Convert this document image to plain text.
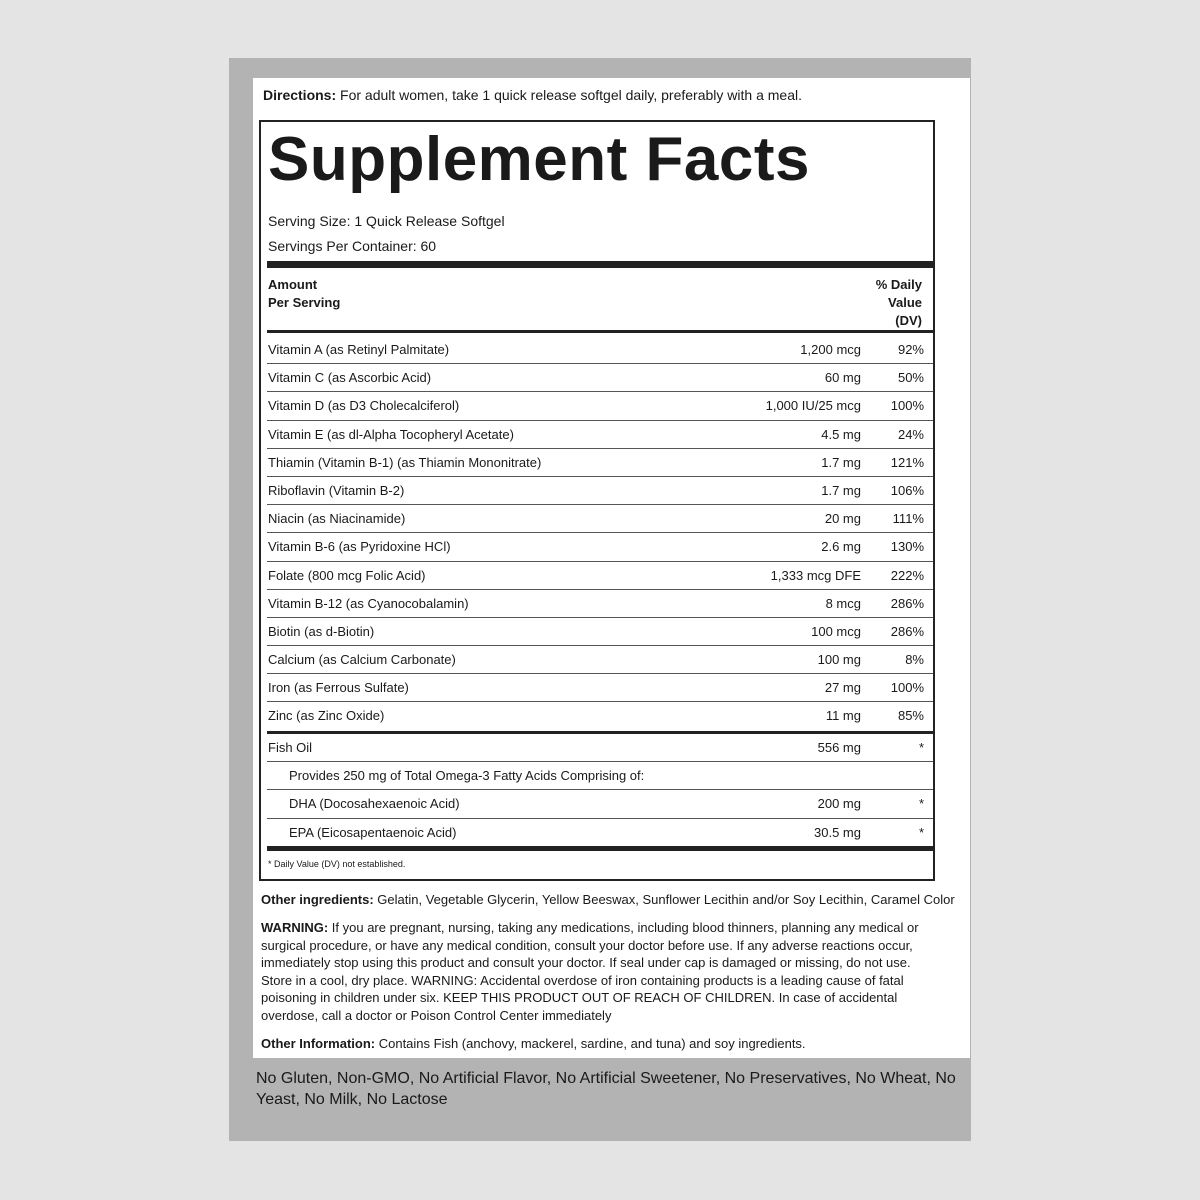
Directions: For adult women, take 1 quick release softgel daily, preferably with a meal.
Supplement Facts
Serving Size: 1 Quick Release Softgel
Servings Per Container: 60
Amount
Per Serving
% Daily
Value
(DV)
Vitamin A (as Retinyl Palmitate)	1,200 mcg	92%
Vitamin C (as Ascorbic Acid)	60 mg	50%
Vitamin D (as D3 Cholecalciferol)	1,000 IU/25 mcg 100%
Vitamin E (as dl-Alpha Tocopheryl Acetate)	4.5 mg	24%
Thiamin (Vitamin B-1) (as Thiamin Mononitrate)	1.7 mg 121%
Riboflavin (Vitamin B-2)	1.7 mg 106%
Niacin (as Niacinamide)	20 mg 111%
Vitamin B-6 (as Pyridoxine HCl)	2.6 mg 130%
Folate (800 mcg Folic Acid)	1,333 mcg DFE 222%
Vitamin B-12 (as Cyanocobalamin)	8 mcg 286%
Biotin (as d-Biotin)	100 mcg 286%
Calcium (as Calcium Carbonate)	100 mg	8%
Iron (as Ferrous Sulfate)	27 mg 100%
Zinc (as Zinc Oxide)	11 mg	85%
Fish Oil	556 mg	*
Provides 250 mg of Total Omega-3 Fatty Acids Comprising of:
DHA (Docosahexaenoic Acid)	200 mg	*
EPA (Eicosapentaenoic Acid)	30.5 mg	*
* Daily Value (DV) not established.
Other ingredients: Gelatin, Vegetable Glycerin, Yellow Beeswax, Sunflower Lecithin and/or Soy Lecithin, Caramel Color
WARNING: If you are pregnant, nursing, taking any medications, including blood thinners, planning any medical or surgical procedure, or have any medical condition, consult your doctor before use. If any adverse reactions occur, immediately stop using this product and consult your doctor. If seal under cap is damaged or missing, do not use. Store in a cool, dry place. WARNING: Accidental overdose of iron containing products is a leading cause of fatal poisoning in children under six. KEEP THIS PRODUCT OUT OF REACH OF CHILDREN. In case of accidental overdose, call a doctor or Poison Control Center immediately
Other Information: Contains Fish (anchovy, mackerel, sardine, and tuna) and soy ingredients.
No Gluten, Non-GMO, No Artificial Flavor, No Artificial Sweetener, No Preservatives, No Wheat, No Yeast, No Milk, No Lactose
